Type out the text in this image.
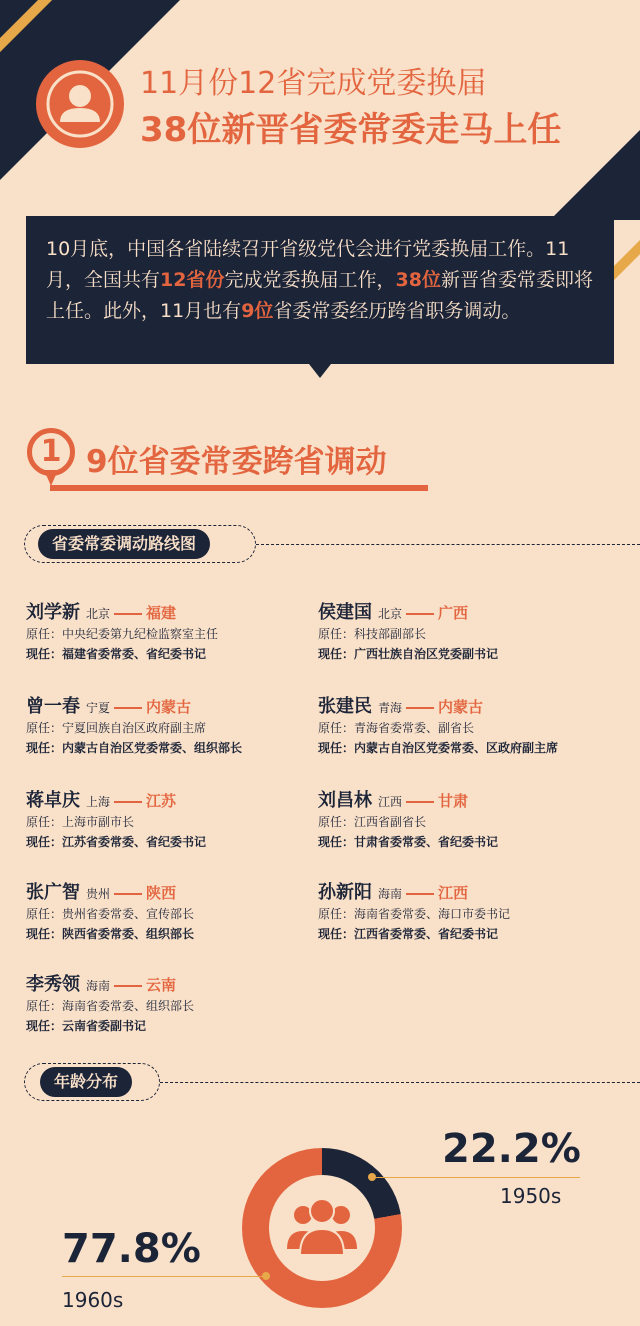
11月份12省完成党委换届
38位新晋省委常委走马上任
10月底，中国各省陆续召开省级党代会进行党委换届工作。11月，全国共有12省份完成党委换届工作，38位新晋省委常委即将上任。此外，11月也有9位省委常委经历跨省职务调动。
1 9位省委常委跨省调动
省委常委调动路线图
刘学新 北京 福建
原任：中央纪委第九纪检监察室主任
现任：福建省委常委、省纪委书记
侯建国 北京 广西
原任：科技部副部长
现任：广西壮族自治区党委副书记
曾一春 宁夏 内蒙古
原任：宁夏回族自治区政府副主席
现任：内蒙古自治区党委常委、组织部长
张建民 青海 内蒙古
原任：青海省委常委、副省长
现任：内蒙古自治区党委常委、区政府副主席
蒋卓庆 上海 江苏
原任：上海市副市长
现任：江苏省委常委、省纪委书记
刘昌林 江西 甘肃
原任：江西省副省长
现任：甘肃省委常委、省纪委书记
张广智 贵州 陕西
原任：贵州省委常委、宣传部长
现任：陕西省委常委、组织部长
孙新阳 海南 江西
原任：海南省委常委、海口市委书记
现任：江西省委常委、省纪委书记
李秀领 海南 云南
原任：海南省委常委、组织部长
现任：云南省委副书记
年龄分布
22.2%
1950s
77.8%
1960s
